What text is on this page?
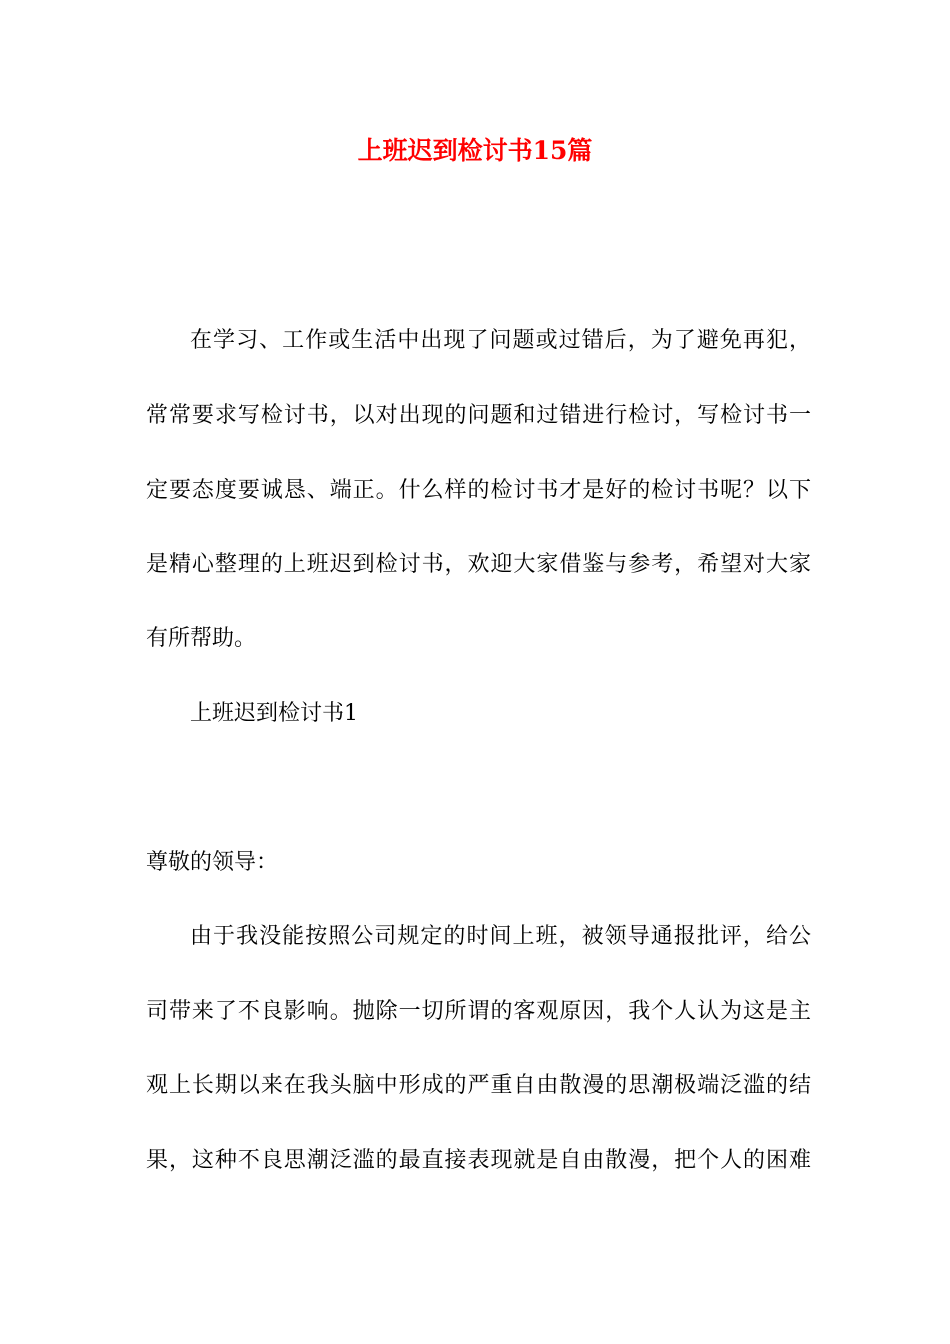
上班迟到检讨书15篇
在学习、工作或生活中出现了问题或过错后，为了避免再犯，
常常要求写检讨书，以对出现的问题和过错进行检讨，写检讨书一
定要态度要诚恳、端正。什么样的检讨书才是好的检讨书呢？以下
是精心整理的上班迟到检讨书，欢迎大家借鉴与参考，希望对大家
有所帮助。
上班迟到检讨书1
尊敬的领导：
由于我没能按照公司规定的时间上班，被领导通报批评，给公
司带来了不良影响。抛除一切所谓的客观原因，我个人认为这是主
观上长期以来在我头脑中形成的严重自由散漫的思潮极端泛滥的结
果，这种不良思潮泛滥的最直接表现就是自由散漫，把个人的困难
